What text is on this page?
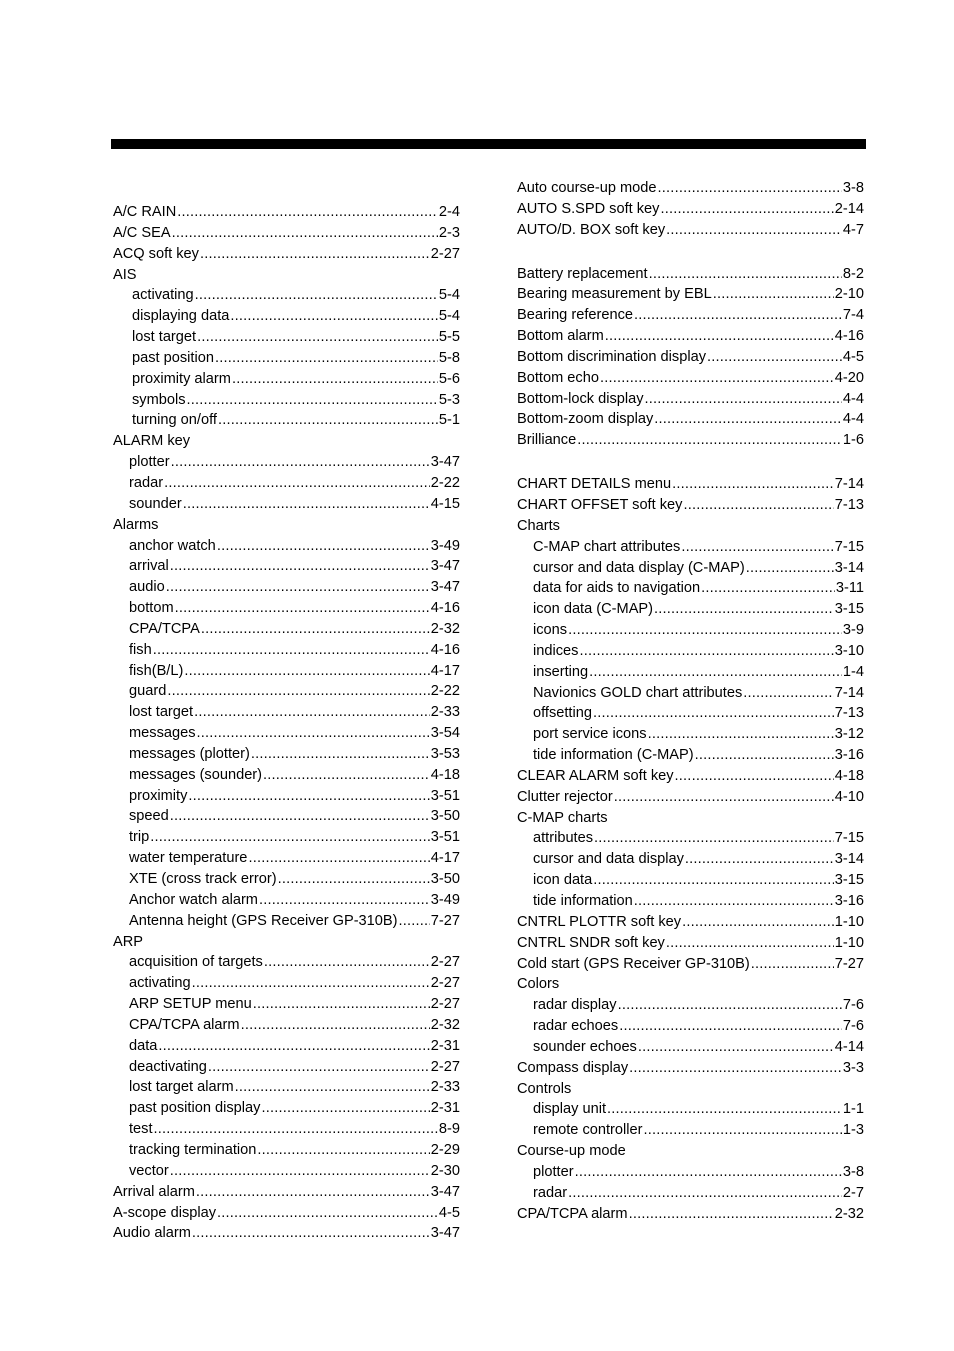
A/C RAIN .....	2-4
A/C SEA .....	2-3
ACQ soft key .....	2-27
AIS
activating .....	5-4
displaying data .....	5-4
lost target .....	5-5
past position .....	5-8
proximity alarm .....	5-6
symbols .....	5-3
turning on/off .....	5-1
ALARM key
plotter .....	3-47
radar .....	2-22
sounder .....	4-15
Alarms
anchor watch .....	3-49
arrival .....	3-47
audio .....	3-47
bottom .....	4-16
CPA/TCPA .....	2-32
fish .....	4-16
fish(B/L) .....	4-17
guard .....	2-22
lost target .....	2-33
messages .....	3-54
messages (plotter) .....	3-53
messages (sounder) .....	4-18
proximity .....	3-51
speed .....	3-50
trip .....	3-51
water temperature .....	4-17
XTE (cross track error) .....	3-50
Anchor watch alarm .....	3-49
Antenna height (GPS Receiver GP-310B) ..... 7-27
ARP
acquisition of targets .....	2-27
activating .....	2-27
ARP SETUP menu .....	2-27
CPA/TCPA alarm .....	2-32
data .....	2-31
deactivating .....	2-27
lost target alarm .....	2-33
past position display .....	2-31
test .....	8-9
tracking termination .....	2-29
vector .....	2-30
Arrival alarm .....	3-47
A-scope display .....	4-5
Audio alarm .....	3-47
Auto course-up mode .....	3-8
AUTO S.SPD soft key .....	2-14
AUTO/D. BOX soft key .....	4-7
Battery replacement .....	8-2
Bearing measurement by EBL .....	2-10
Bearing reference .....	7-4
Bottom alarm .....	4-16
Bottom discrimination display .....	4-5
Bottom echo .....	4-20
Bottom-lock display .....	4-4
Bottom-zoom display .....	4-4
Brilliance .....	1-6
CHART DETAILS menu .....	7-14
CHART OFFSET soft key .....	7-13
Charts
C-MAP chart attributes .....	7-15
cursor and data display (C-MAP) .....	3-14
data for aids to navigation .....	3-11
icon data (C-MAP) .....	3-15
icons .....	3-9
indices .....	3-10
inserting .....	1-4
Navionics GOLD chart attributes .....	7-14
offsetting .....	7-13
port service icons .....	3-12
tide information (C-MAP) .....	3-16
CLEAR ALARM soft key .....	4-18
Clutter rejector .....	4-10
C-MAP charts
attributes .....	7-15
cursor and data display .....	3-14
icon data .....	3-15
tide information .....	3-16
CNTRL PLOTTR soft key .....	1-10
CNTRL SNDR soft key .....	1-10
Cold start (GPS Receiver GP-310B) .....	7-27
Colors
radar display .....	7-6
radar echoes .....	7-6
sounder echoes .....	4-14
Compass display .....	3-3
Controls
display unit .....	1-1
remote controller .....	1-3
Course-up mode
plotter .....	3-8
radar .....	2-7
CPA/TCPA alarm .....	2-32
